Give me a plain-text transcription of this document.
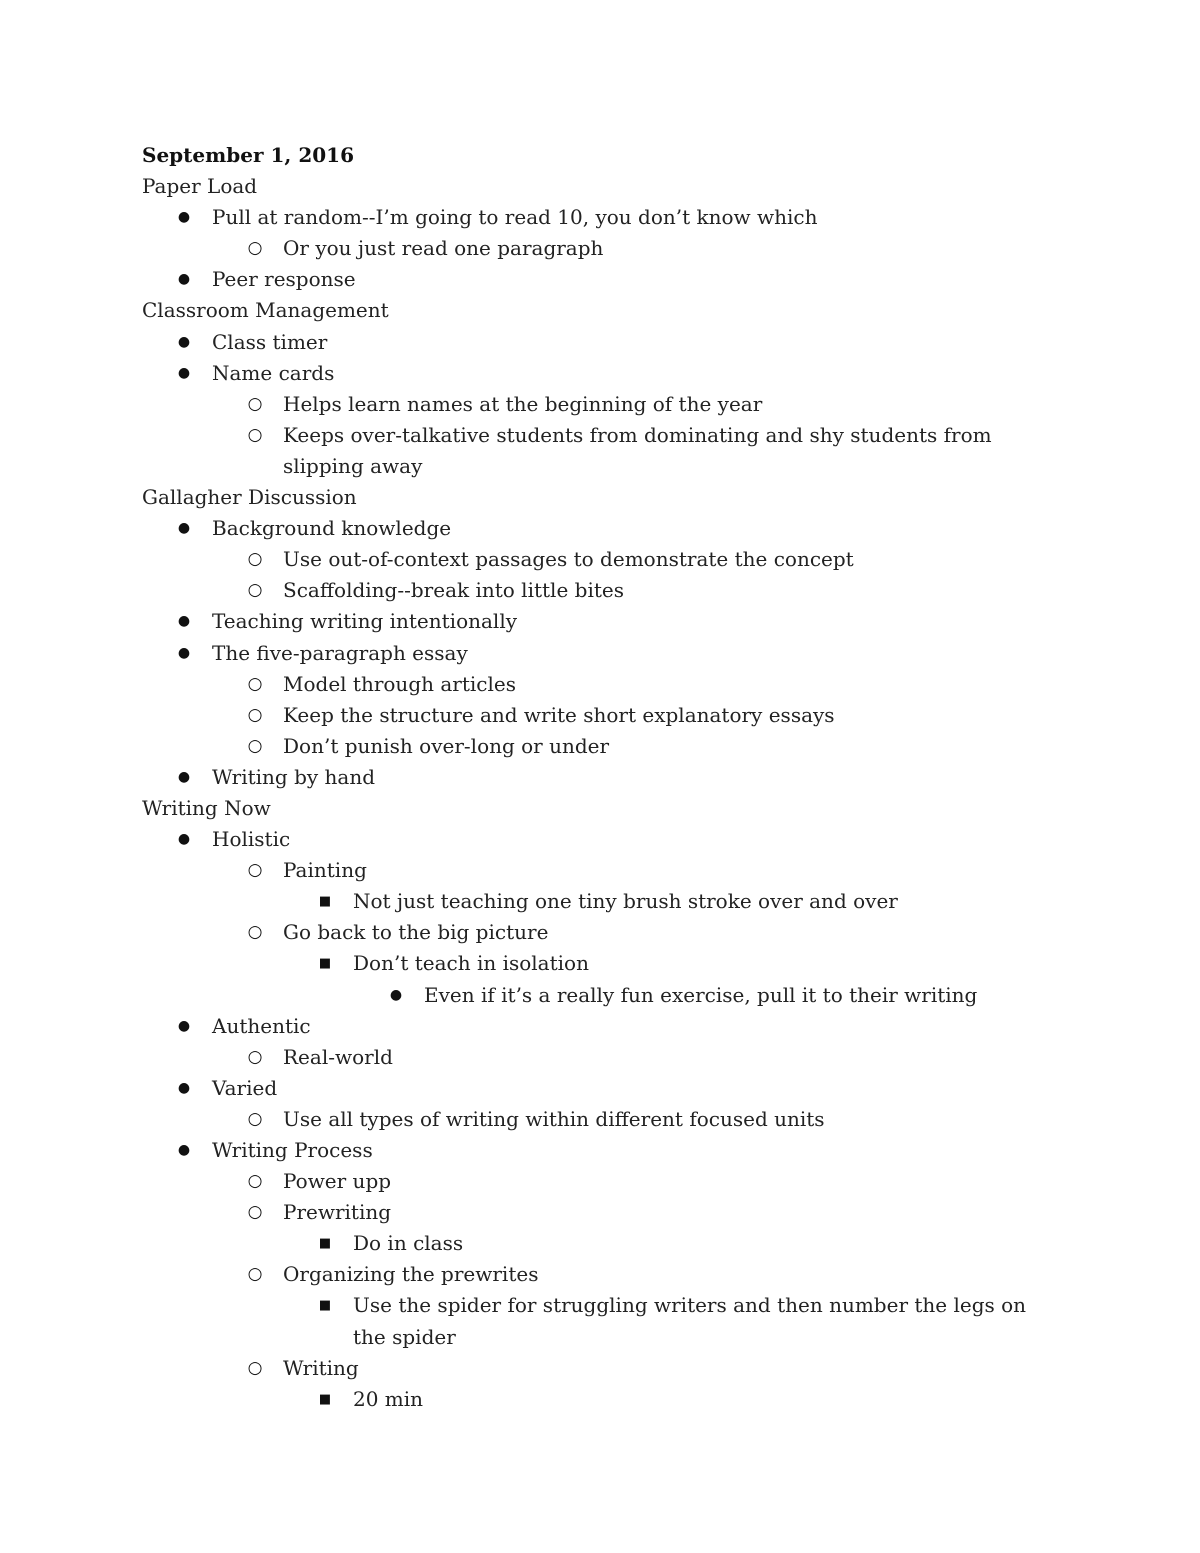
September 1, 2016
Paper Load
● Pull at random--I’m going to read 10, you don’t know which
○ Or you just read one paragraph
● Peer response
Classroom Management
● Class timer
● Name cards
○ Helps learn names at the beginning of the year
○ Keeps over-talkative students from dominating and shy students from slipping away
Gallagher Discussion
● Background knowledge
○ Use out-of-context passages to demonstrate the concept
○ Scaffolding--break into little bites
● Teaching writing intentionally
● The five-paragraph essay
○ Model through articles
○ Keep the structure and write short explanatory essays
○ Don’t punish over-long or under
● Writing by hand
Writing Now
● Holistic
○ Painting
■ Not just teaching one tiny brush stroke over and over
○ Go back to the big picture
■ Don’t teach in isolation
● Even if it’s a really fun exercise, pull it to their writing
● Authentic
○ Real-world
● Varied
○ Use all types of writing within different focused units
● Writing Process
○ Power upp
○ Prewriting
■ Do in class
○ Organizing the prewrites
■ Use the spider for struggling writers and then number the legs on the spider
○ Writing
■ 20 min
